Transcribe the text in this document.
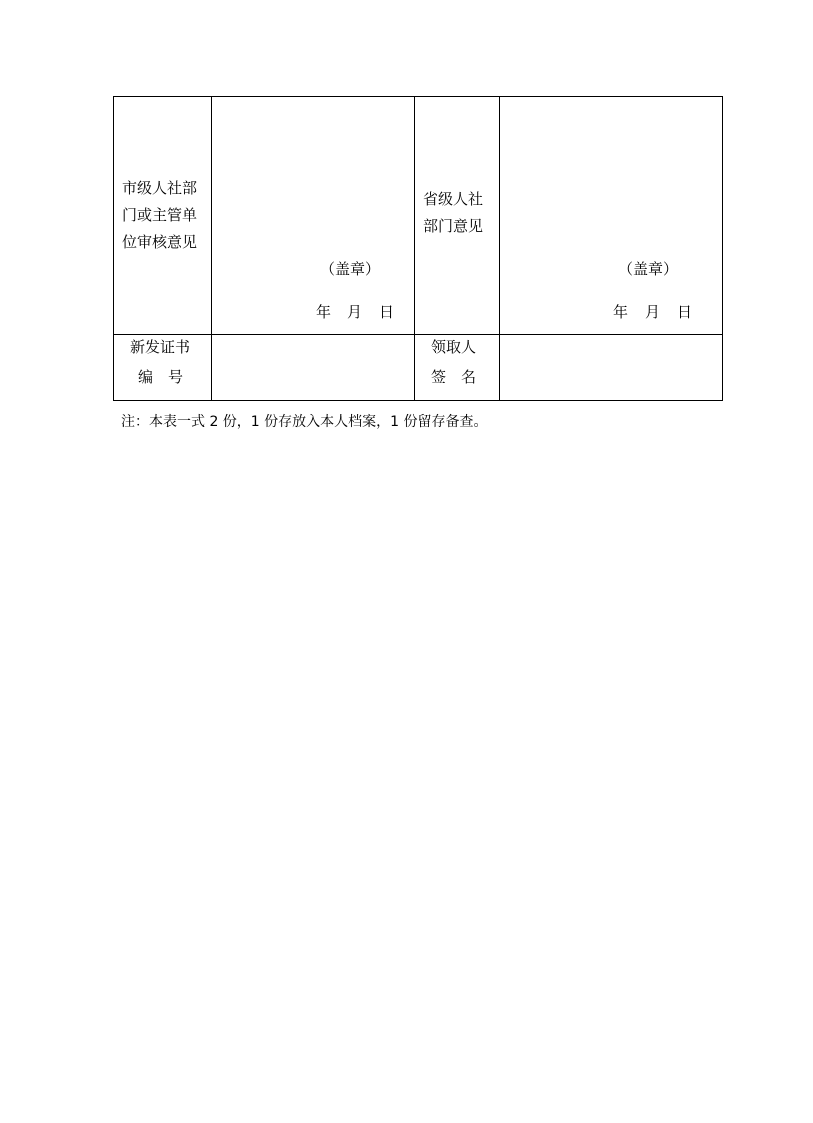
市级人社部
门或主管单
位审核意见
（盖章）
年 月 日
省级人社
部门意见
（盖章）
年 月 日
新发证书
编　号
领取人
签　名
注：本表一式 2 份，1 份存放入本人档案，1 份留存备查。
